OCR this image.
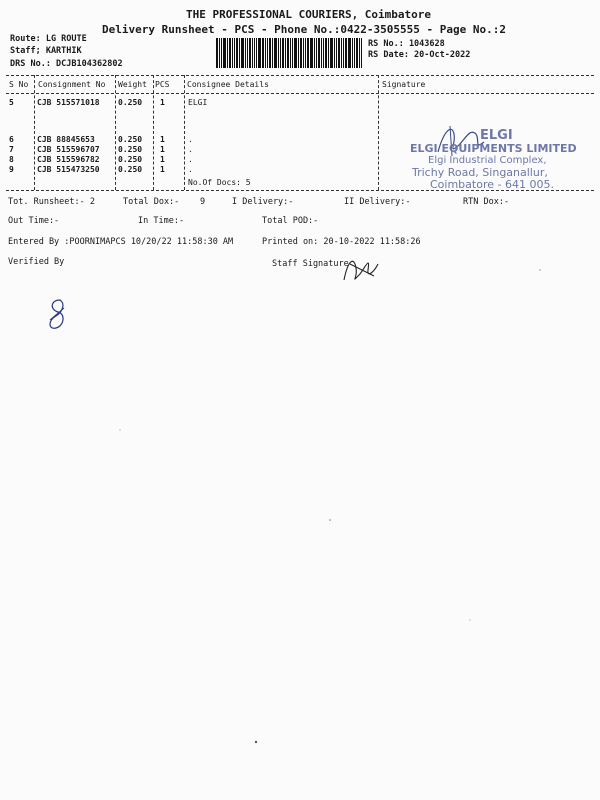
THE PROFESSIONAL COURIERS, Coimbatore
Delivery Runsheet - PCS - Phone No.:0422-3505555 - Page No.:2
Route: LG ROUTE
Staff; KARTHIK
DRS No.: DCJB104362802
RS No.: 1043628
RS Date: 20-Oct-2022
S No Consignment No Weight PCS Consignee Details	Signature
5	CJB 515571018 0.250 1	ELGI
6	CJB 88845653	0.250 1	.
7	CJB 515596707 0.250 1	.
8	CJB 515596782 0.250 1	.
9	CJB 515473250 0.250 1	.
No.Of Docs: 5
ELGI
ELGI EQUIPMENTS LIMITED
Elgi Industrial Complex,
Trichy Road, Singanallur,
Coimbatore - 641 005.
Tot. Runsheet:- 2	Total Dox:- 9	I Delivery:-	II Delivery:-	RTN Dox:-
Out Time:-	In Time:-	Total POD:-
Entered By :POORNIMAPCS 10/20/22 11:58:30 AM	Printed on: 20-10-2022 11:58:26
Verified By	Staff Signature
